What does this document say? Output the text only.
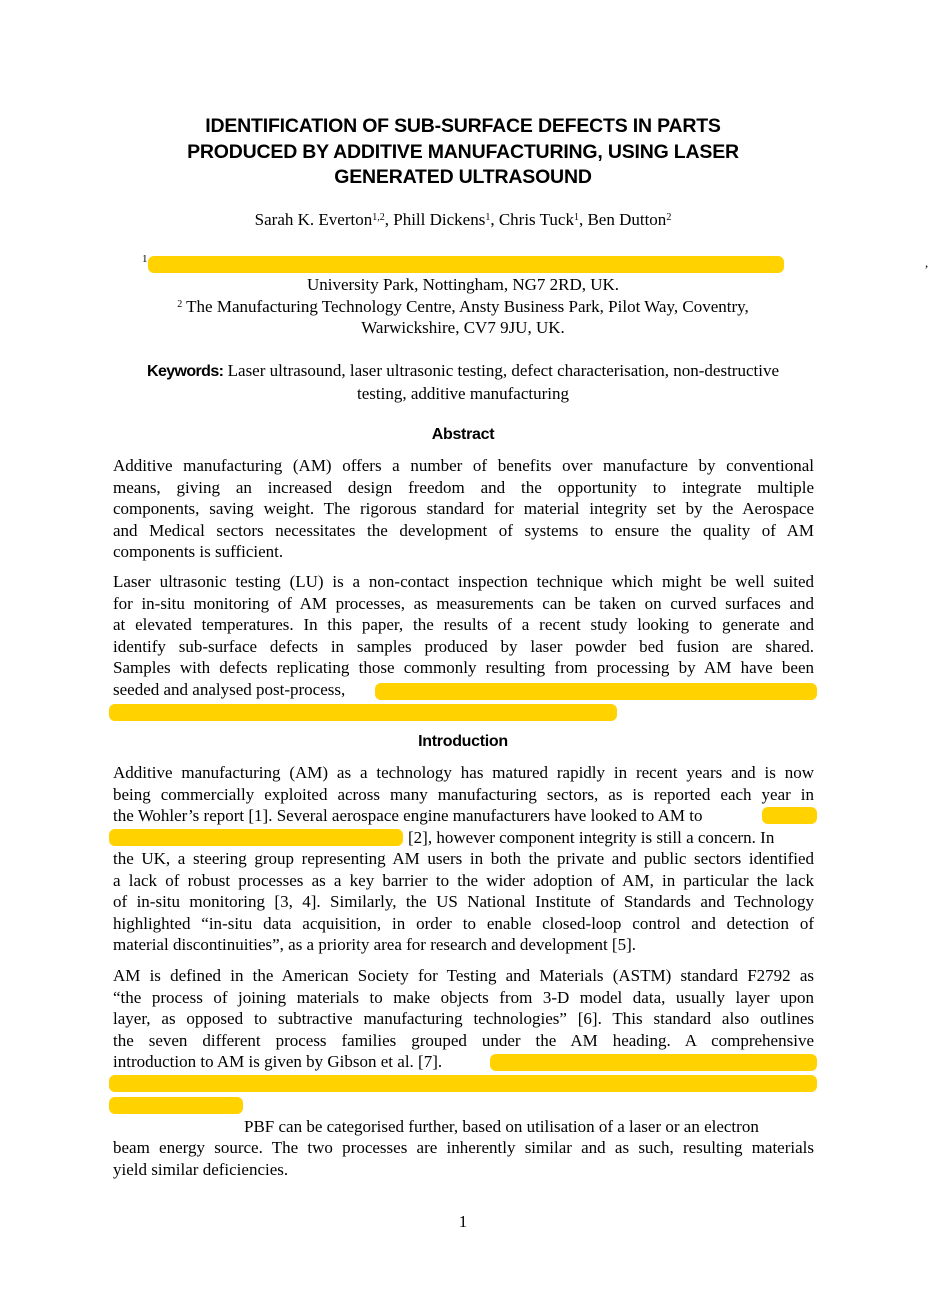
IDENTIFICATION OF SUB-SURFACE DEFECTS IN PARTS
PRODUCED BY ADDITIVE MANUFACTURING, USING LASER
GENERATED ULTRASOUND
Sarah K. Everton$^{1,2}$, Phill Dickens$^1$, Chris Tuck$^1$, Ben Dutton$^2$
1	,
University Park, Nottingham, NG7 2RD, UK.
$^2$ The Manufacturing Technology Centre, Ansty Business Park, Pilot Way, Coventry,
Warwickshire, CV7 9JU, UK.
Keywords: Laser ultrasound, laser ultrasonic testing, defect characterisation, non-destructive
testing, additive manufacturing
Abstract
Additive manufacturing (AM) offers a number of benefits over manufacture by conventional
means, giving an increased design freedom and the opportunity to integrate multiple
components, saving weight. The rigorous standard for material integrity set by the Aerospace
and Medical sectors necessitates the development of systems to ensure the quality of AM
components is sufficient.
Laser ultrasonic testing (LU) is a non-contact inspection technique which might be well suited
for in-situ monitoring of AM processes, as measurements can be taken on curved surfaces and
at elevated temperatures. In this paper, the results of a recent study looking to generate and
identify sub-surface defects in samples produced by laser powder bed fusion are shared.
Samples with defects replicating those commonly resulting from processing by AM have been
seeded and analysed post-process,
Introduction
Additive manufacturing (AM) as a technology has matured rapidly in recent years and is now
being commercially exploited across many manufacturing sectors, as is reported each year in
the Wohler’s report [1]. Several aerospace engine manufacturers have looked to AM to
[2], however component integrity is still a concern. In
the UK, a steering group representing AM users in both the private and public sectors identified
a lack of robust processes as a key barrier to the wider adoption of AM, in particular the lack
of in-situ monitoring [3, 4]. Similarly, the US National Institute of Standards and Technology
highlighted “in-situ data acquisition, in order to enable closed-loop control and detection of
material discontinuities”, as a priority area for research and development [5].
AM is defined in the American Society for Testing and Materials (ASTM) standard F2792 as
“the process of joining materials to make objects from 3-D model data, usually layer upon
layer, as opposed to subtractive manufacturing technologies” [6]. This standard also outlines
the seven different process families grouped under the AM heading. A comprehensive
introduction to AM is given by Gibson et al. [7].
PBF can be categorised further, based on utilisation of a laser or an electron
beam energy source. The two processes are inherently similar and as such, resulting materials
yield similar deficiencies.
1
